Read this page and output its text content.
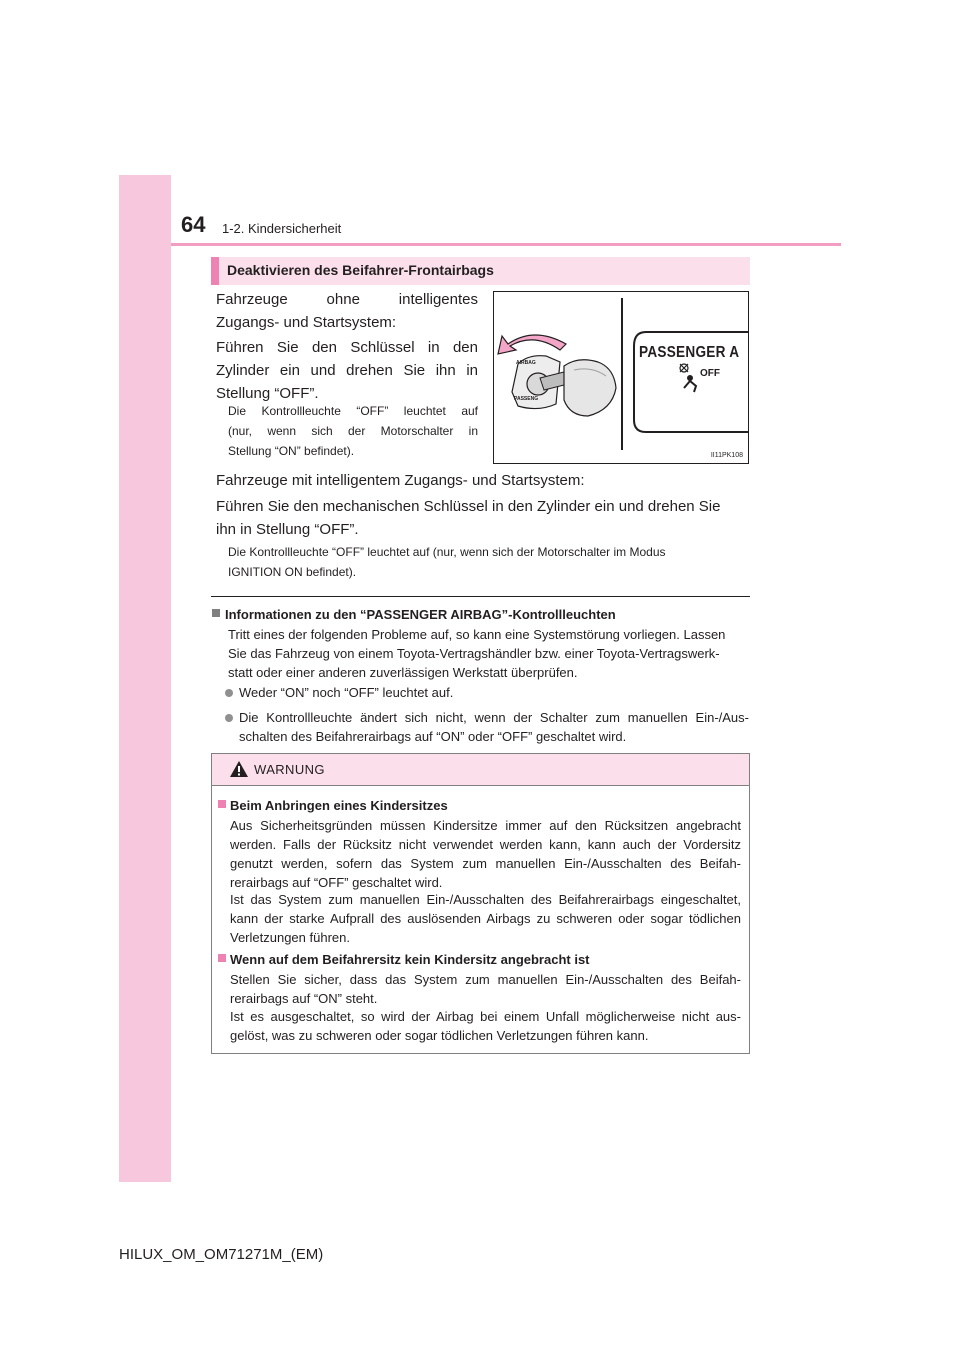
64 1-2. Kindersicherheit
Deaktivieren des Beifahrer-Frontairbags
Fahrzeuge ohne intelligentes
Zugangs- und Startsystem:
Führen Sie den Schlüssel in den
Zylinder ein und drehen Sie ihn in
Stellung “OFF”.
Die Kontrollleuchte “OFF” leuchtet auf
(nur, wenn sich der Motorschalter in
Stellung “ON” befindet).
AIRBAG
PASSENG
PASSENGER A
OFF
II11PK108
Fahrzeuge mit intelligentem Zugangs- und Startsystem:
Führen Sie den mechanischen Schlüssel in den Zylinder ein und drehen Sie
ihn in Stellung “OFF”.
Die Kontrollleuchte “OFF” leuchtet auf (nur, wenn sich der Motorschalter im Modus
IGNITION ON befindet).
Informationen zu den “PASSENGER AIRBAG”-Kontrollleuchten
Tritt eines der folgenden Probleme auf, so kann eine Systemstörung vorliegen. Lassen
Sie das Fahrzeug von einem Toyota-Vertragshändler bzw. einer Toyota-Vertragswerk-
statt oder einer anderen zuverlässigen Werkstatt überprüfen.
Weder “ON” noch “OFF” leuchtet auf.
Die Kontrollleuchte ändert sich nicht, wenn der Schalter zum manuellen Ein-/Aus-
schalten des Beifahrerairbags auf “ON” oder “OFF” geschaltet wird.
WARNUNG
Beim Anbringen eines Kindersitzes
Aus Sicherheitsgründen müssen Kindersitze immer auf den Rücksitzen angebracht
werden. Falls der Rücksitz nicht verwendet werden kann, kann auch der Vordersitz
genutzt werden, sofern das System zum manuellen Ein-/Ausschalten des Beifah-
rerairbags auf “OFF” geschaltet wird.
Ist das System zum manuellen Ein-/Ausschalten des Beifahrerairbags eingeschaltet,
kann der starke Aufprall des auslösenden Airbags zu schweren oder sogar tödlichen
Verletzungen führen.
Wenn auf dem Beifahrersitz kein Kindersitz angebracht ist
Stellen Sie sicher, dass das System zum manuellen Ein-/Ausschalten des Beifah-
rerairbags auf “ON” steht.
Ist es ausgeschaltet, so wird der Airbag bei einem Unfall möglicherweise nicht aus-
gelöst, was zu schweren oder sogar tödlichen Verletzungen führen kann.
HILUX_OM_OM71271M_(EM)
